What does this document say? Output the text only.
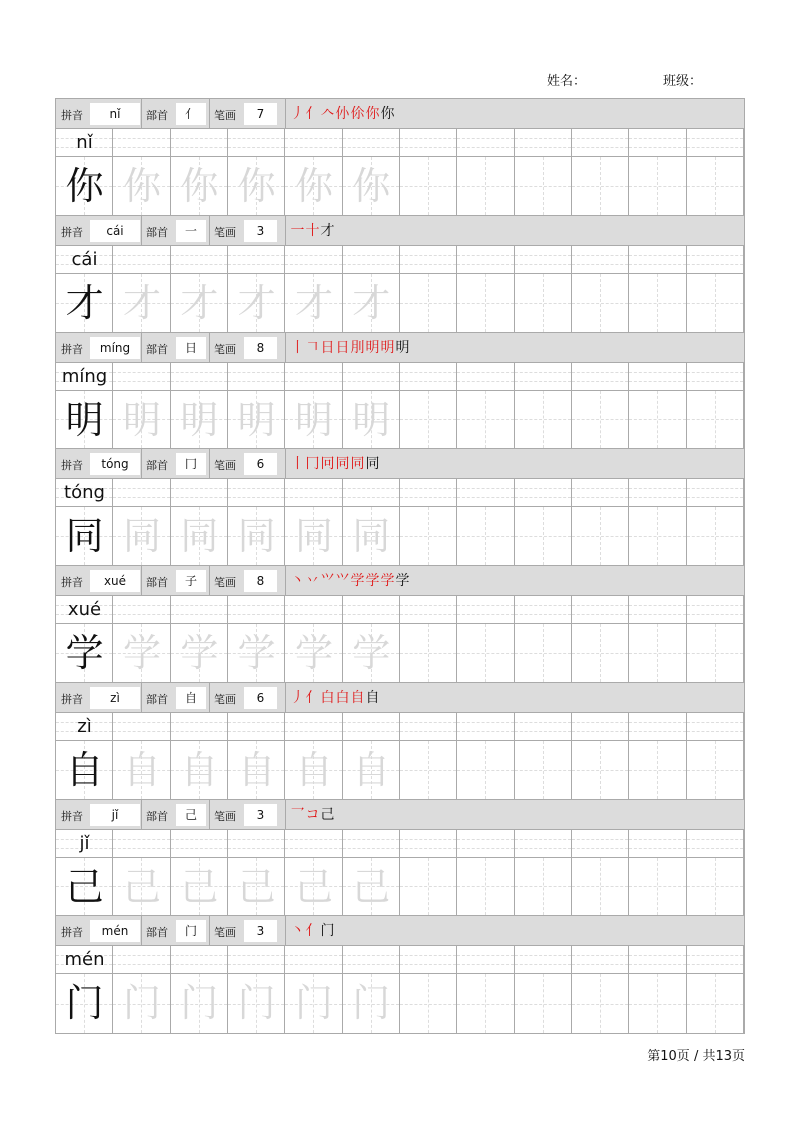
姓名：	班级：
拼音	nǐ	部首	亻	笔画	7	丿 亻 𠆢 仦 伱 你 你
nǐ
你 你 你 你 你 你
拼音	cái	部首	一	笔画	3	一 十 才
cái
才 才 才 才 才 才
拼音	míng	部首	日	笔画	8	丨 𠃍 日 日 刖 明 明 明
míng
明 明 明 明 明 明
拼音	tóng	部首	冂	笔画	6	丨 冂 冋 同 同 同
tóng
同 同 同 同 同 同
拼音	xué	部首	子	笔画	8	丶 丷 ⺍ ⺍ 学 学 学 学
xué
学 学 学 学 学 学
拼音	zì	部首	自	笔画	6	丿 亻 白 白 自 自
zì
自 自 自 自 自 自
拼音	jǐ	部首	己	笔画	3	乛 コ 己
jǐ
己 己 己 己 己 己
拼音	mén	部首	门	笔画	3	丶 亻 门
mén
门 门 门 门 门 门
第10页 / 共13页
